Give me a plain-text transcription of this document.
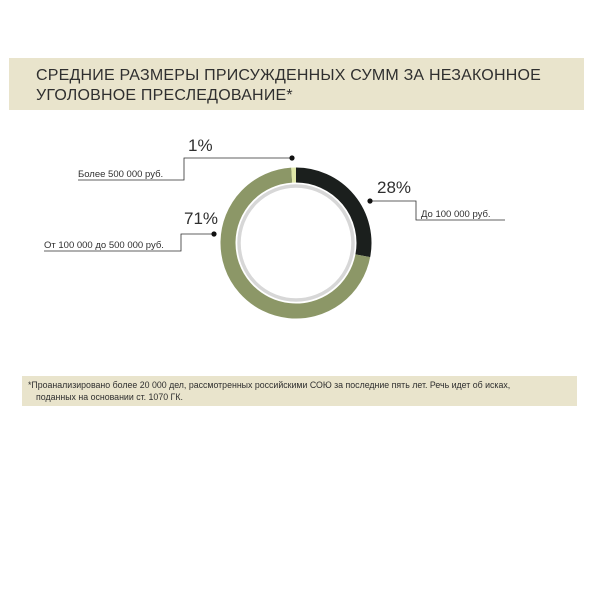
СРЕДНИЕ РАЗМЕРЫ ПРИСУЖДЕННЫХ СУММ ЗА НЕЗАКОННОЕ
УГОЛОВНОЕ ПРЕСЛЕДОВАНИЕ*
28%
До 100 000 руб.
71%
От 100 000 до 500 000 руб.
1%
Более 500 000 руб.

*Проанализировано более 20 000 дел, рассмотренных российскими СОЮ за последние пять лет. Речь идет об исках,
поданных на основании ст. 1070 ГК.
